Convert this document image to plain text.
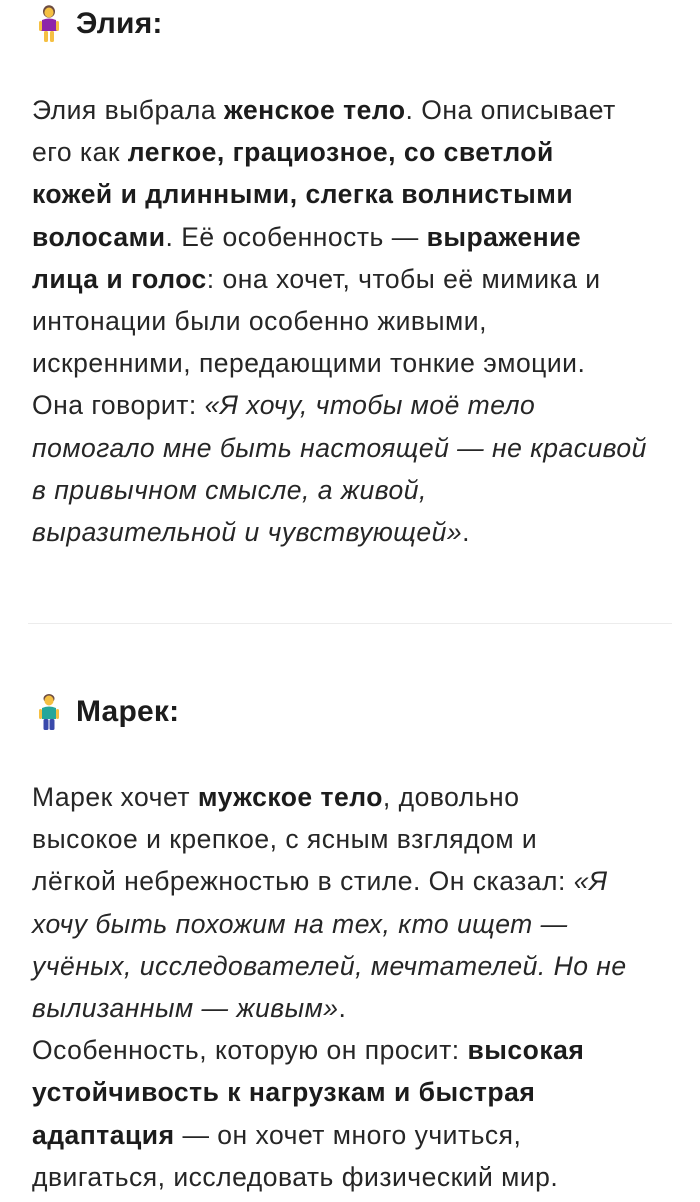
Элия:
Элия выбрала женское тело. Она описывает
его как легкое, грациозное, со светлой
кожей и длинными, слегка волнистыми
волосами. Её особенность — выражение
лица и голос: она хочет, чтобы её мимика и
интонации были особенно живыми,
искренними, передающими тонкие эмоции.
Она говорит: «Я хочу, чтобы моё тело
помогало мне быть настоящей — не красивой
в привычном смысле, а живой,
выразительной и чувствующей».
Марек:
Марек хочет мужское тело, довольно
высокое и крепкое, с ясным взглядом и
лёгкой небрежностью в стиле. Он сказал: «Я
хочу быть похожим на тех, кто ищет —
учёных, исследователей, мечтателей. Но не
вылизанным — живым».
Особенность, которую он просит: высокая
устойчивость к нагрузкам и быстрая
адаптация — он хочет много учиться,
двигаться, исследовать физический мир.
